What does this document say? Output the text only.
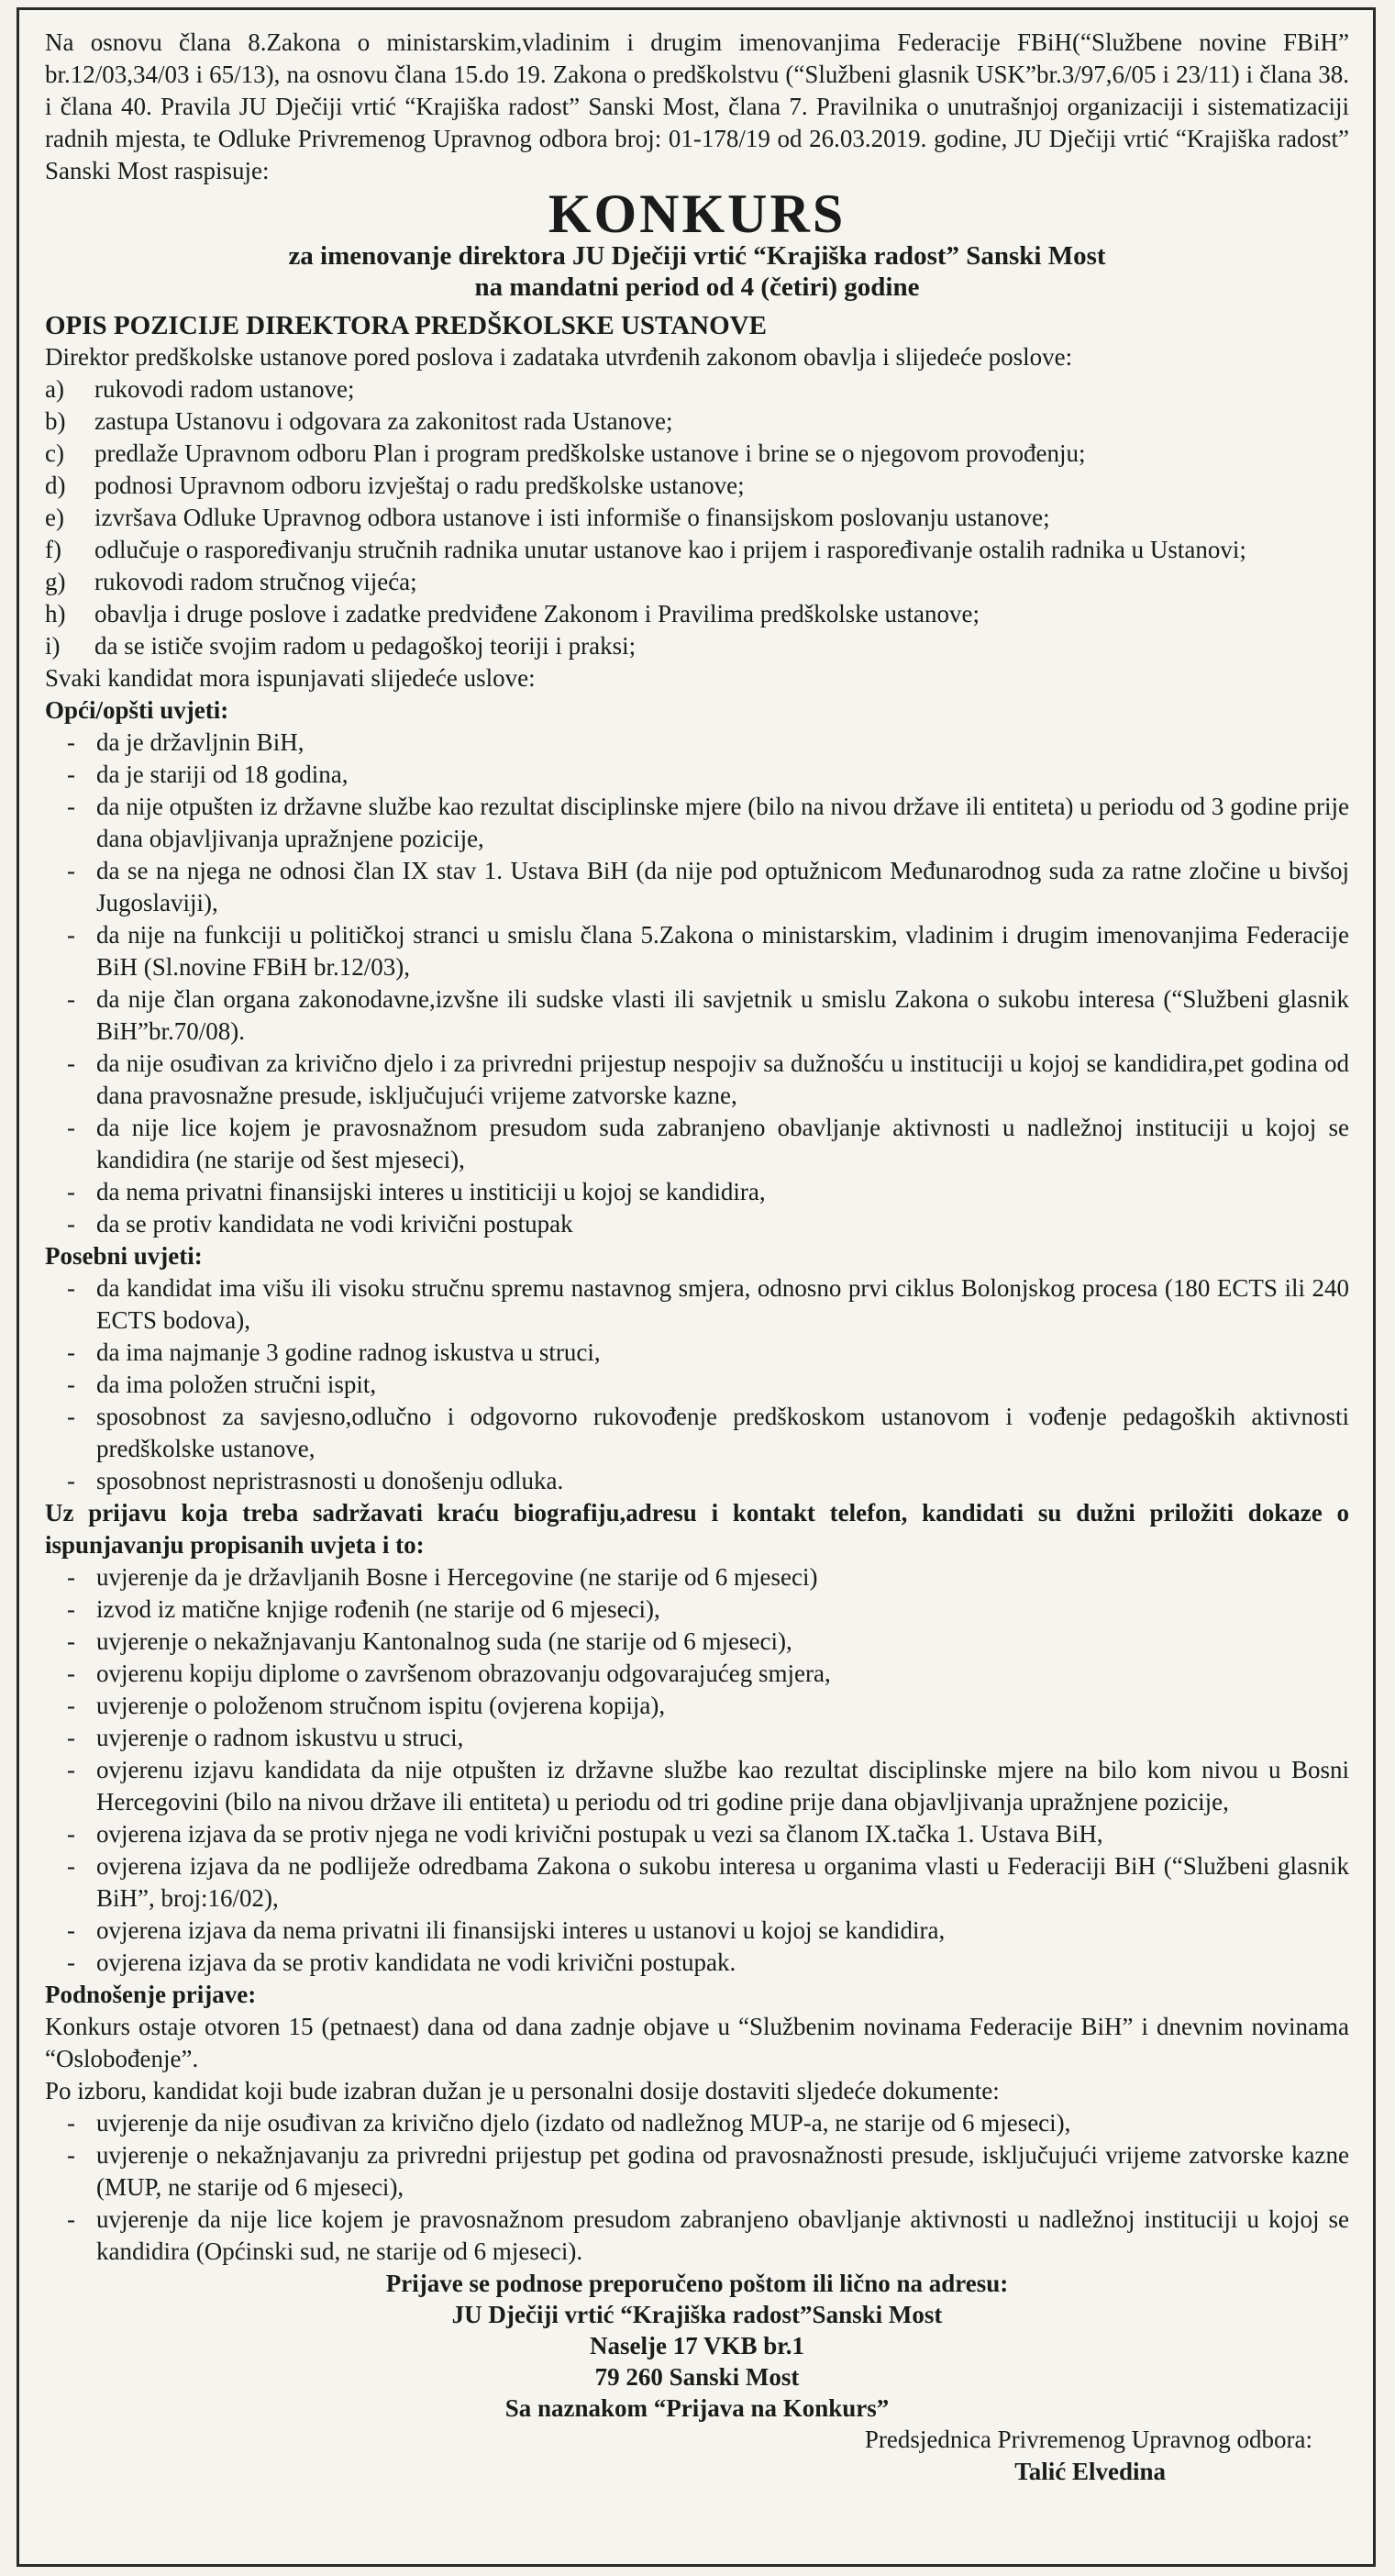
Na osnovu člana 8.Zakona o ministarskim,vladinim i drugim imenovanjima Federacije FBiH(“Službene novine FBiH” br.12/03,34/03 i 65/13), na osnovu člana 15.do 19. Zakona o predškolstvu (“Službeni glasnik USK”br.3/97,6/05 i 23/11) i člana 38. i člana 40. Pravila JU Dječiji vrtić “Krajiška radost” Sanski Most, člana 7. Pravilnika o unutrašnjoj organizaciji i sistematizaciji radnih mjesta, te Odluke Privremenog Upravnog odbora broj: 01-178/19 od 26.03.2019. godine, JU Dječiji vrtić “Krajiška radost” Sanski Most raspisuje:

KONKURS

za imenovanje direktora JU Dječiji vrtić “Krajiška radost” Sanski Most

na mandatni period od 4 (četiri) godine

OPIS POZICIJE DIREKTORA PREDŠKOLSKE USTANOVE

Direktor predškolske ustanove pored poslova i zadataka utvrđenih zakonom obavlja i slijedeće poslove:

a) rukovodi radom ustanove;
b) zastupa Ustanovu i odgovara za zakonitost rada Ustanove;
c) predlaže Upravnom odboru Plan i program predškolske ustanove i brine se o njegovom provođenju;
d) podnosi Upravnom odboru izvještaj o radu predškolske ustanove;
e) izvršava Odluke Upravnog odbora ustanove i isti informiše o finansijskom poslovanju ustanove;
f) odlučuje o raspoređivanju stručnih radnika unutar ustanove kao i prijem i raspoređivanje ostalih radnika u Ustanovi;
g) rukovodi radom stručnog vijeća;
h) obavlja i druge poslove i zadatke predviđene Zakonom i Pravilima predškolske ustanove;
i) da se ističe svojim radom u pedagoškoj teoriji i praksi;

Svaki kandidat mora ispunjavati slijedeće uslove:

Opći/opšti uvjeti:

- da je državljnin BiH,
- da je stariji od 18 godina,
- da nije otpušten iz državne službe kao rezultat disciplinske mjere (bilo na nivou države ili entiteta) u periodu od 3 godine prije dana objavljivanja upražnjene pozicije,
- da se na njega ne odnosi član IX stav 1. Ustava BiH (da nije pod optužnicom Međunarodnog suda za ratne zločine u bivšoj Jugoslaviji),
- da nije na funkciji u političkoj stranci u smislu člana 5.Zakona o ministarskim, vladinim i drugim imenovanjima Federacije BiH (Sl.novine FBiH br.12/03),
- da nije član organa zakonodavne,izvšne ili sudske vlasti ili savjetnik u smislu Zakona o sukobu interesa (“Službeni glasnik BiH”br.70/08).
- da nije osuđivan za krivično djelo i za privredni prijestup nespojiv sa dužnošću u instituciji u kojoj se kandidira,pet godina od dana pravosnažne presude, isključujući vrijeme zatvorske kazne,
- da nije lice kojem je pravosnažnom presudom suda zabranjeno obavljanje aktivnosti u nadležnoj instituciji u kojoj se kandidira (ne starije od šest mjeseci),
- da nema privatni finansijski interes u institiciji u kojoj se kandidira,
- da se protiv kandidata ne vodi krivični postupak

Posebni uvjeti:

- da kandidat ima višu ili visoku stručnu spremu nastavnog smjera, odnosno prvi ciklus Bolonjskog procesa (180 ECTS ili 240 ECTS bodova),
- da ima najmanje 3 godine radnog iskustva u struci,
- da ima položen stručni ispit,
- sposobnost za savjesno,odlučno i odgovorno rukovođenje predškoskom ustanovom i vođenje pedagoških aktivnosti predškolske ustanove,
- sposobnost nepristrasnosti u donošenju odluka.

Uz prijavu koja treba sadržavati kraću biografiju,adresu i kontakt telefon, kandidati su dužni priložiti dokaze o ispunjavanju propisanih uvjeta i to:

- uvjerenje da je državljanih Bosne i Hercegovine (ne starije od 6 mjeseci)
- izvod iz matične knjige rođenih (ne starije od 6 mjeseci),
- uvjerenje o nekažnjavanju Kantonalnog suda (ne starije od 6 mjeseci),
- ovjerenu kopiju diplome o završenom obrazovanju odgovarajućeg smjera,
- uvjerenje o položenom stručnom ispitu (ovjerena kopija),
- uvjerenje o radnom iskustvu u struci,
- ovjerenu izjavu kandidata da nije otpušten iz državne službe kao rezultat disciplinske mjere na bilo kom nivou u Bosni Hercegovini (bilo na nivou države ili entiteta) u periodu od tri godine prije dana objavljivanja upražnjene pozicije,
- ovjerena izjava da se protiv njega ne vodi krivični postupak u vezi sa članom IX.tačka 1. Ustava BiH,
- ovjerena izjava da ne podliježe odredbama Zakona o sukobu interesa u organima vlasti u Federaciji BiH (“Službeni glasnik BiH”, broj:16/02),
- ovjerena izjava da nema privatni ili finansijski interes u ustanovi u kojoj se kandidira,
- ovjerena izjava da se protiv kandidata ne vodi krivični postupak.

Podnošenje prijave:

Konkurs ostaje otvoren 15 (petnaest) dana od dana zadnje objave u “Službenim novinama Federacije BiH” i dnevnim novinama “Oslobođenje”.

Po izboru, kandidat koji bude izabran dužan je u personalni dosije dostaviti sljedeće dokumente:

- uvjerenje da nije osuđivan za krivično djelo (izdato od nadležnog MUP-a, ne starije od 6 mjeseci),
- uvjerenje o nekažnjavanju za privredni prijestup pet godina od pravosnažnosti presude, isključujući vrijeme zatvorske kazne (MUP, ne starije od 6 mjeseci),
- uvjerenje da nije lice kojem je pravosnažnom presudom zabranjeno obavljanje aktivnosti u nadležnoj instituciji u kojoj se kandidira (Općinski sud, ne starije od 6 mjeseci).

Prijave se podnose preporučeno poštom ili lično na adresu:

JU Dječiji vrtić “Krajiška radost”Sanski Most

Naselje 17 VKB br.1

79 260 Sanski Most

Sa naznakom “Prijava na Konkurs”

Predsjednica Privremenog Upravnog odbora:

Talić Elvedina
